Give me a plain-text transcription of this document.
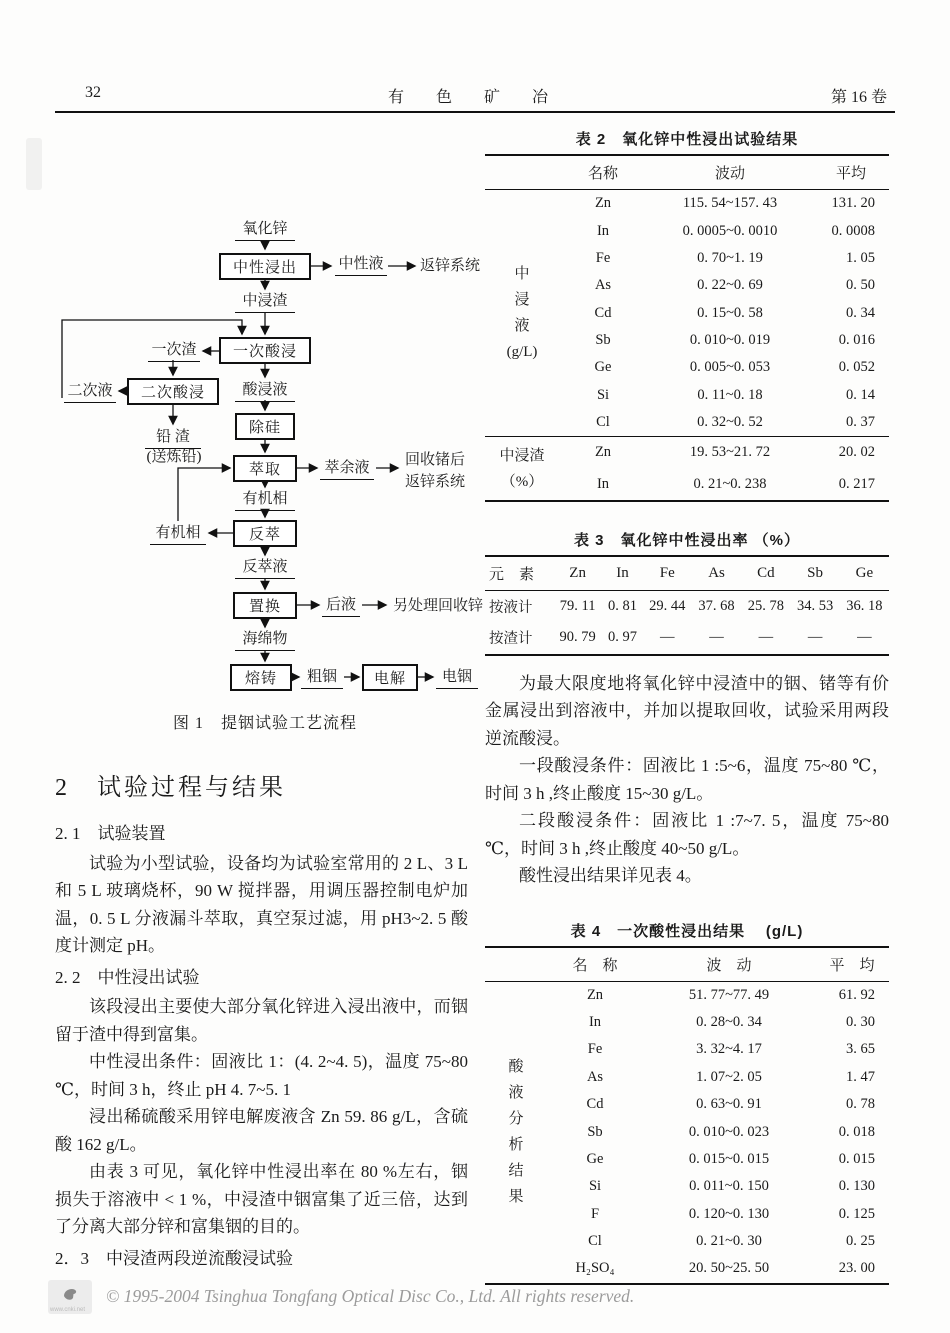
32	有 色 矿 冶	第 16 卷
氧化锌
中性浸出	中性液 返锌系统
中浸渣
一次酸浸
一次渣
二次酸浸
二次液
铅 渣
(送炼铅)
酸浸液
除硅
萃取	萃余液	回收锗后
返锌系统
有机相
反萃
有机相
反萃液
置换	后液 另处理回收锌
海绵物
熔铸	粗铟	电解	电铟
图 1　提铟试验工艺流程
2　试验过程与结果

2. 1　试验装置

试验为小型试验，设备均为试验室常用的 2 L、3 L 和 5 L 玻璃烧杯，90 W 搅拌器，用调压器控制电炉加温，0. 5 L 分液漏斗萃取，真空泵过滤，用 pH3~2. 5 酸度计测定 pH。

2. 2　中性浸出试验

该段浸出主要使大部分氧化锌进入浸出液中，而铟留于渣中得到富集。

中性浸出条件：固液比 1：(4. 2~4. 5)，温度 75~80 ℃，时间 3 h，终止 pH 4. 7~5. 1

浸出稀硫酸采用锌电解废液含 Zn 59. 86 g/L，含硫酸 162 g/L。

由表 3 可见，氧化锌中性浸出率在 80 %左右，铟损失于溶液中 < 1 %，中浸渣中铟富集了近三倍，达到了分离大部分锌和富集铟的目的。

2．3　中浸渣两段逆流酸浸试验

表 2　氧化锌中性浸出试验结果
	名称	波动	平均

中
浸
液
(g/L)	Zn	115. 54~157. 43	131. 20
	In	0. 0005~0. 0010	0. 0008
	Fe	0. 70~1. 19	1. 05
	As	0. 22~0. 69	0. 50
	Cd	0. 15~0. 58	0. 34
	Sb	0. 010~0. 019	0. 016
	Ge	0. 005~0. 053	0. 052
	Si	0. 11~0. 18	0. 14
	Cl	0. 32~0. 52	0. 37

中浸渣
（%）	Zn	19. 53~21. 72	20. 02
	In	0. 21~0. 238	0. 217
表 3　氧化锌中性浸出率 （%）
元　素	Zn	In	Fe	As	Cd	Sb	Ge
按液计	79. 11	0. 81	29. 44	37. 68	25. 78	34. 53	36. 18
按渣计	90. 79	0. 97	—	—	—	—	—

为最大限度地将氧化锌中浸渣中的铟、锗等有价金属浸出到溶液中，并加以提取回收，试验采用两段逆流酸浸。

一段酸浸条件：固液比 1 :5~6，温度 75~80 ℃，时间 3 h ,终止酸度 15~30 g/L。

二段酸浸条件：固液比 1 :7~7. 5，温度 75~80 ℃，时间 3 h ,终止酸度 40~50 g/L。

酸性浸出结果详见表 4。

表 4　一次酸性浸出结果 (g/L)
	名　称	波　动	平　均

酸
液
分
析
结
果
	Zn	51. 77~77. 49	61. 92
	In	0. 28~0. 34	0. 30
	Fe	3. 32~4. 17	3. 65
	As	1. 07~2. 05	1. 47
	Cd	0. 63~0. 91	0. 78
	Sb	0. 010~0. 023	0. 018
	Ge	0. 015~0. 015	0. 015
	Si	0. 011~0. 150	0. 130
	F	0. 120~0. 130	0. 125
	Cl	0. 21~0. 30	0. 25
	H₂SO₄	20. 50~25. 50	23. 00
www.cnki.net
© 1995-2004 Tsinghua Tongfang Optical Disc Co., Ltd. All rights reserved.
